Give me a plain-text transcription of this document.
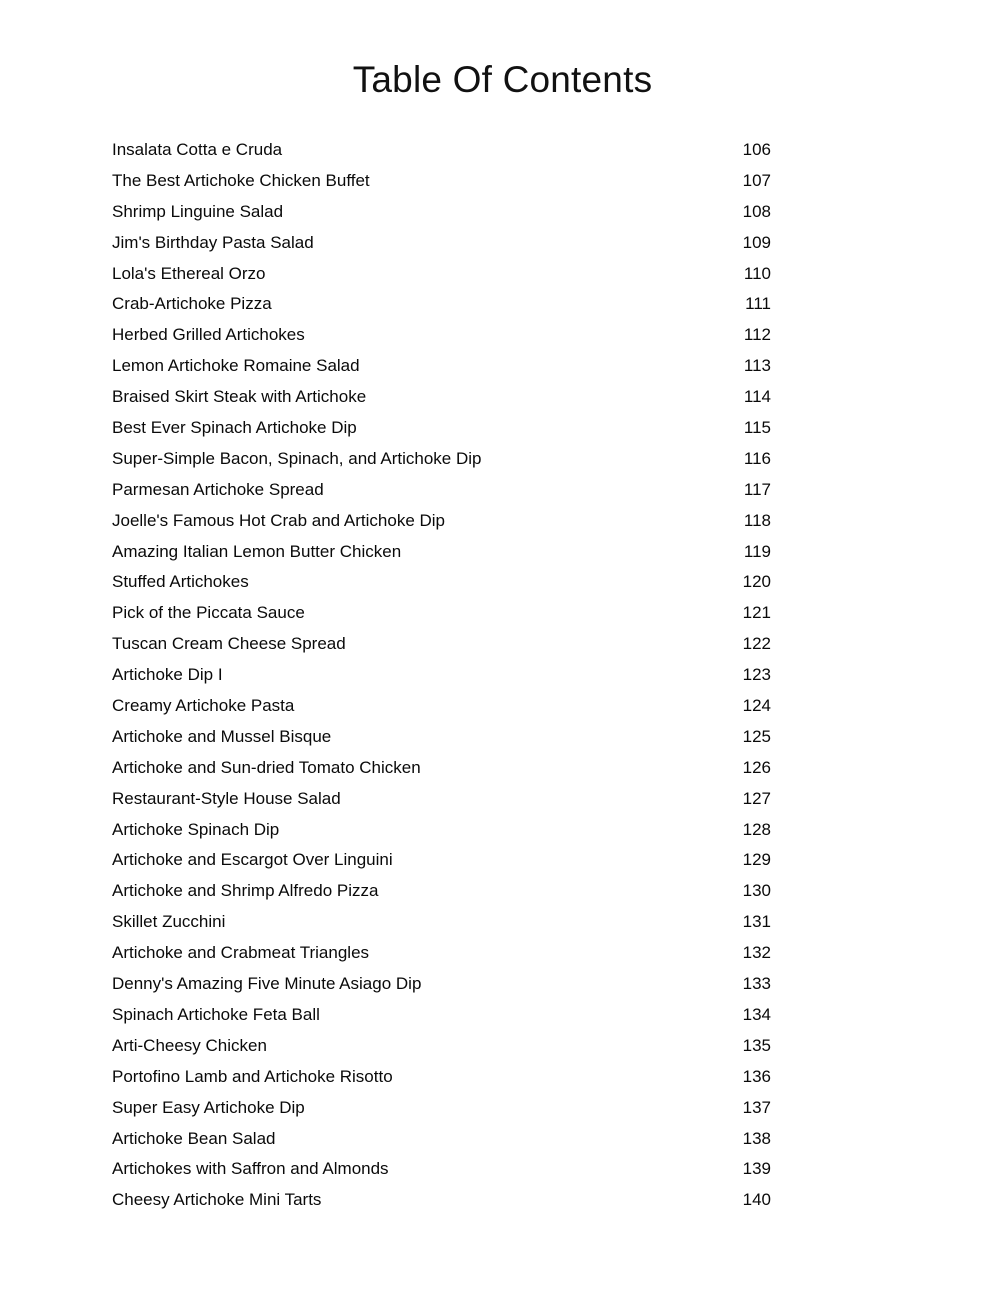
Table Of Contents
Insalata Cotta e Cruda	106
The Best Artichoke Chicken Buffet	107
Shrimp Linguine Salad	108
Jim's Birthday Pasta Salad	109
Lola's Ethereal Orzo	110
Crab-Artichoke Pizza	111
Herbed Grilled Artichokes	112
Lemon Artichoke Romaine Salad	113
Braised Skirt Steak with Artichoke	114
Best Ever Spinach Artichoke Dip	115
Super-Simple Bacon, Spinach, and Artichoke Dip	116
Parmesan Artichoke Spread	117
Joelle's Famous Hot Crab and Artichoke Dip	118
Amazing Italian Lemon Butter Chicken	119
Stuffed Artichokes	120
Pick of the Piccata Sauce	121
Tuscan Cream Cheese Spread	122
Artichoke Dip I	123
Creamy Artichoke Pasta	124
Artichoke and Mussel Bisque	125
Artichoke and Sun-dried Tomato Chicken	126
Restaurant-Style House Salad	127
Artichoke Spinach Dip	128
Artichoke and Escargot Over Linguini	129
Artichoke and Shrimp Alfredo Pizza	130
Skillet Zucchini	131
Artichoke and Crabmeat Triangles	132
Denny's Amazing Five Minute Asiago Dip	133
Spinach Artichoke Feta Ball	134
Arti-Cheesy Chicken	135
Portofino Lamb and Artichoke Risotto	136
Super Easy Artichoke Dip	137
Artichoke Bean Salad	138
Artichokes with Saffron and Almonds	139
Cheesy Artichoke Mini Tarts	140
